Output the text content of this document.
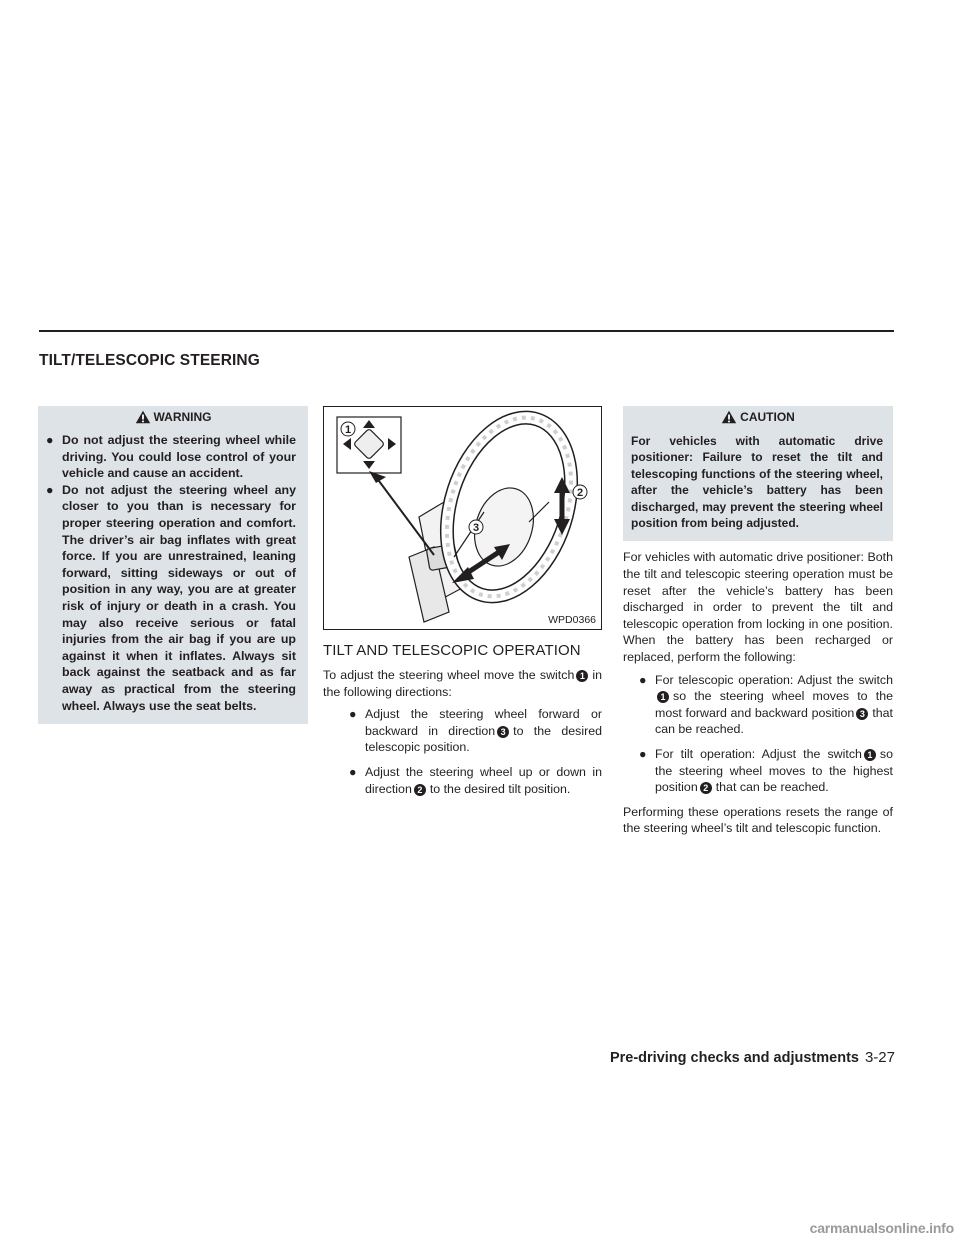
TILT/TELESCOPIC STEERING
WARNING
● Do not adjust the steering wheel while driving. You could lose control of your vehicle and cause an accident.
● Do not adjust the steering wheel any closer to you than is necessary for proper steering operation and comfort. The driver’s air bag inflates with great force. If you are unrestrained, leaning forward, sitting sideways or out of position in any way, you are at greater risk of injury or death in a crash. You may also receive serious or fatal injuries from the air bag if you are up against it when it inflates. Always sit back against the seatback and as far away as practical from the steering wheel. Always use the seat belts.
1
2
3
WPD0366
TILT AND TELESCOPIC OPERATION

To adjust the steering wheel move the switch 1 in the following directions:

● Adjust the steering wheel forward or backward in direction 3 to the desired telescopic position.
● Adjust the steering wheel up or down in direction 2 to the desired tilt position.
CAUTION

For vehicles with automatic drive positioner: Failure to reset the tilt and telescoping functions of the steering wheel, after the vehicle’s battery has been discharged, may prevent the steering wheel position from being adjusted.

For vehicles with automatic drive positioner: Both the tilt and telescopic steering operation must be reset after the vehicle’s battery has been discharged in order to prevent the tilt and telescopic operation from locking in one position. When the battery has been recharged or replaced, perform the following:

● For telescopic operation: Adjust the switch1 so the steering wheel moves to the most forward and backward position 3 that can be reached.
● For tilt operation: Adjust the switch 1 so the steering wheel moves to the highest position 2 that can be reached.

Performing these operations resets the range of the steering wheel’s tilt and telescopic function.

Pre-driving checks and adjustments 3-27

carmanualsonline.info
